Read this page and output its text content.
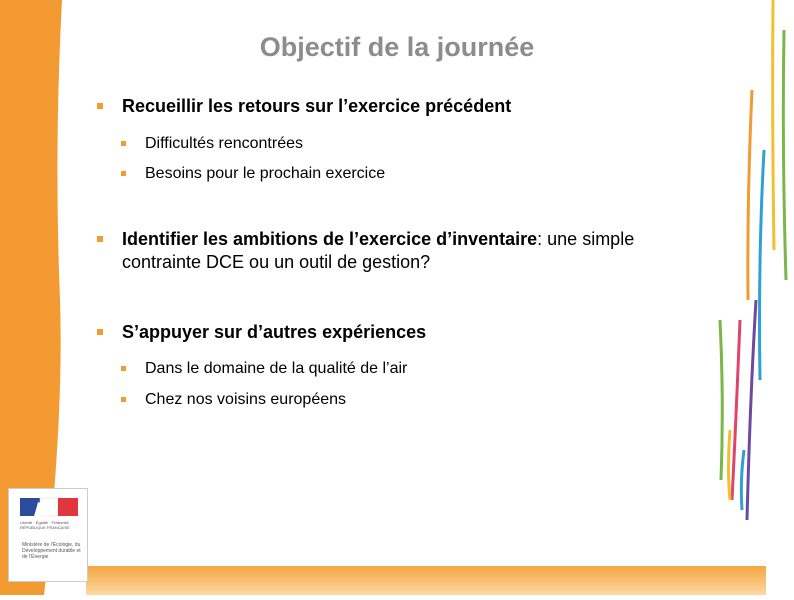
Objectif de la journée
Recueillir les retours sur l’exercice précédent
Difficultés rencontrées
Besoins pour le prochain exercice
Identifier les ambitions de l’exercice d’inventaire: une simple
contrainte DCE ou un outil de gestion?
S’appuyer sur d’autres expériences
Dans le domaine de la qualité de l’air
Chez nos voisins européens
Liberté · Égalité · Fraternité RÉPUBLIQUE FRANÇAISE
Ministère de l’Écologie, du Développement durable et de l’Énergie
